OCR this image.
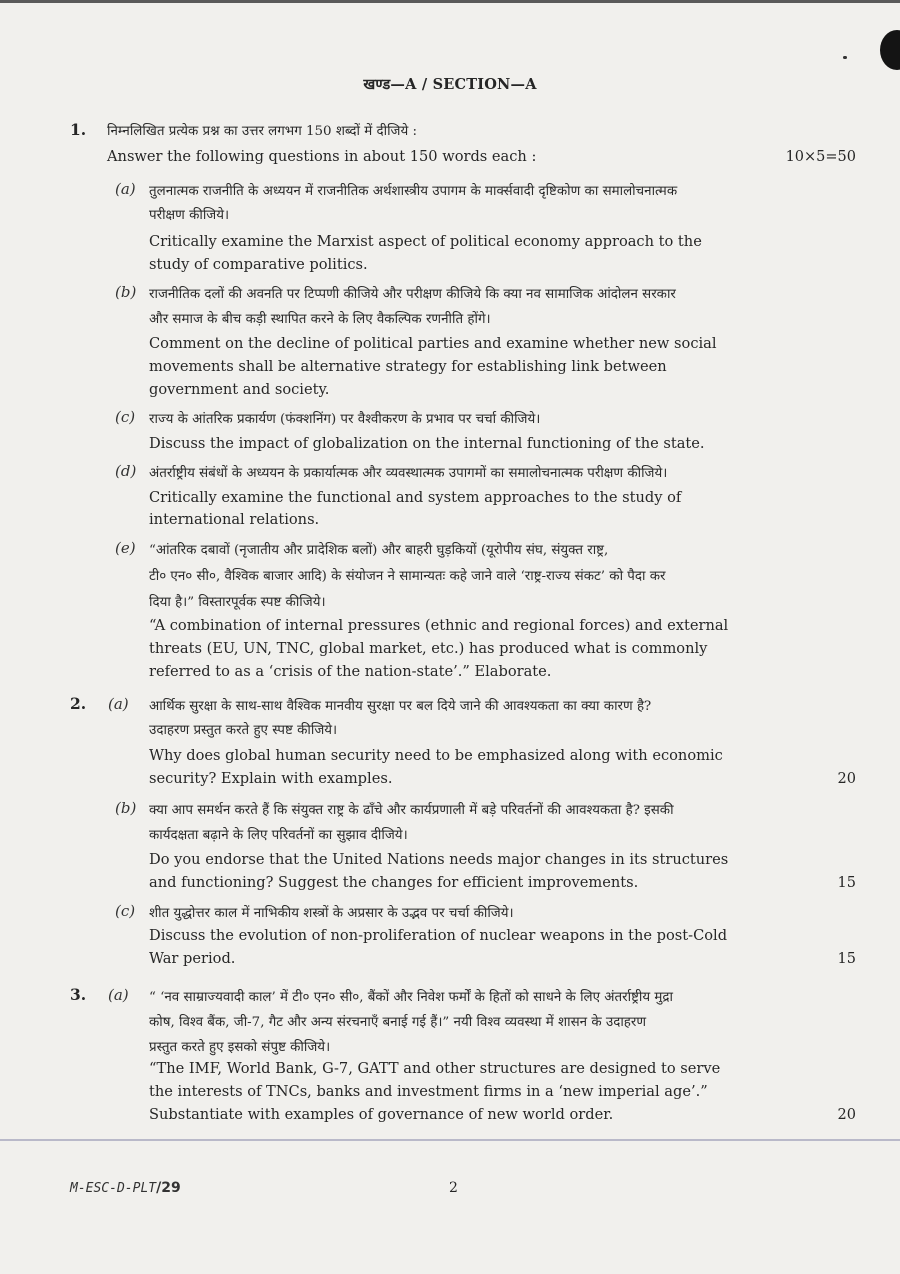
खण्ड—A / SECTION—A
1. निम्नलिखित प्रत्येक प्रश्न का उत्तर लगभग 150 शब्दों में दीजिये :
Answer the following questions in about 150 words each :	10×5=50
(a) तुलनात्मक राजनीति के अध्ययन में राजनीतिक अर्थशास्त्रीय उपागम के मार्क्सवादी दृष्टिकोण का समालोचनात्मक
परीक्षण कीजिये।
Critically examine the Marxist aspect of political economy approach to the
study of comparative politics.
(b) राजनीतिक दलों की अवनति पर टिप्पणी कीजिये और परीक्षण कीजिये कि क्या नव सामाजिक आंदोलन सरकार
और समाज के बीच कड़ी स्थापित करने के लिए वैकल्पिक रणनीति होंगे।
Comment on the decline of political parties and examine whether new social
movements shall be alternative strategy for establishing link between
government and society.
(c) राज्य के आंतरिक प्रकार्यण (फंक्शनिंग) पर वैश्वीकरण के प्रभाव पर चर्चा कीजिये।
Discuss the impact of globalization on the internal functioning of the state.
(d) अंतर्राष्ट्रीय संबंधों के अध्ययन के प्रकार्यात्मक और व्यवस्थात्मक उपागमों का समालोचनात्मक परीक्षण कीजिये।
Critically examine the functional and system approaches to the study of
international relations.
(e) “आंतरिक दबावों (नृजातीय और प्रादेशिक बलों) और बाहरी घुड़कियों (यूरोपीय संघ, संयुक्त राष्ट्र,
टी० एन० सी०, वैश्विक बाजार आदि) के संयोजन ने सामान्यतः कहे जाने वाले ‘राष्ट्र-राज्य संकट’ को पैदा कर
दिया है।” विस्तारपूर्वक स्पष्ट कीजिये।
“A combination of internal pressures (ethnic and regional forces) and external
threats (EU, UN, TNC, global market, etc.) has produced what is commonly
referred to as a ‘crisis of the nation-state’.” Elaborate.
2. (a) आर्थिक सुरक्षा के साथ-साथ वैश्विक मानवीय सुरक्षा पर बल दिये जाने की आवश्यकता का क्या कारण है?
उदाहरण प्रस्तुत करते हुए स्पष्ट कीजिये।
Why does global human security need to be emphasized along with economic
security? Explain with examples.	20
(b) क्या आप समर्थन करते हैं कि संयुक्त राष्ट्र के ढाँचे और कार्यप्रणाली में बड़े परिवर्तनों की आवश्यकता है? इसकी
कार्यदक्षता बढ़ाने के लिए परिवर्तनों का सुझाव दीजिये।
Do you endorse that the United Nations needs major changes in its structures
and functioning? Suggest the changes for efficient improvements.	15
(c) शीत युद्धोत्तर काल में नाभिकीय शस्त्रों के अप्रसार के उद्भव पर चर्चा कीजिये।
Discuss the evolution of non-proliferation of nuclear weapons in the post-Cold
War period.	15
3. (a) “ ‘नव साम्राज्यवादी काल’ में टी० एन० सी०, बैंकों और निवेश फर्मों के हितों को साधने के लिए अंतर्राष्ट्रीय मुद्रा
कोष, विश्व बैंक, जी-7, गैट और अन्य संरचनाएँ बनाई गई हैं।” नयी विश्व व्यवस्था में शासन के उदाहरण
प्रस्तुत करते हुए इसको संपुष्ट कीजिये।
“The IMF, World Bank, G-7, GATT and other structures are designed to serve
the interests of TNCs, banks and investment firms in a ‘new imperial age’.”
Substantiate with examples of governance of new world order.	20
M-ESC-D-PLT/29	2
